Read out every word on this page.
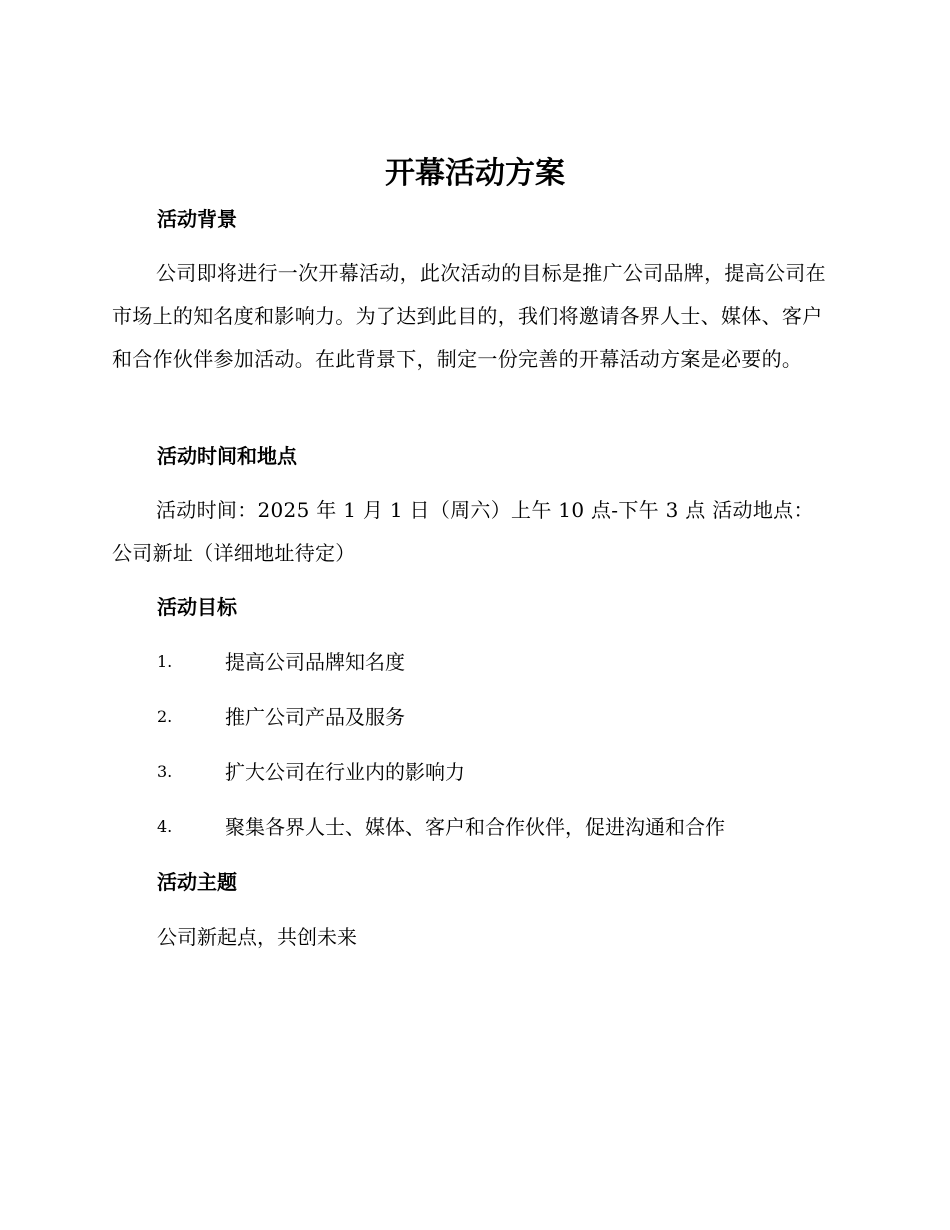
开幕活动方案
活动背景

公司即将进行一次开幕活动，此次活动的目标是推广公司品牌，提高公司在市场上的知名度和影响力。为了达到此目的，我们将邀请各界人士、媒体、客户和合作伙伴参加活动。在此背景下，制定一份完善的开幕活动方案是必要的。

活动时间和地点

活动时间：2025 年 1 月 1 日（周六）上午 10 点-下午 3 点 活动地点：公司新址（详细地址待定）

活动目标
1.	提高公司品牌知名度
2.	推广公司产品及服务
3.	扩大公司在行业内的影响力
4.	聚集各界人士、媒体、客户和合作伙伴，促进沟通和合作
活动主题

公司新起点，共创未来
